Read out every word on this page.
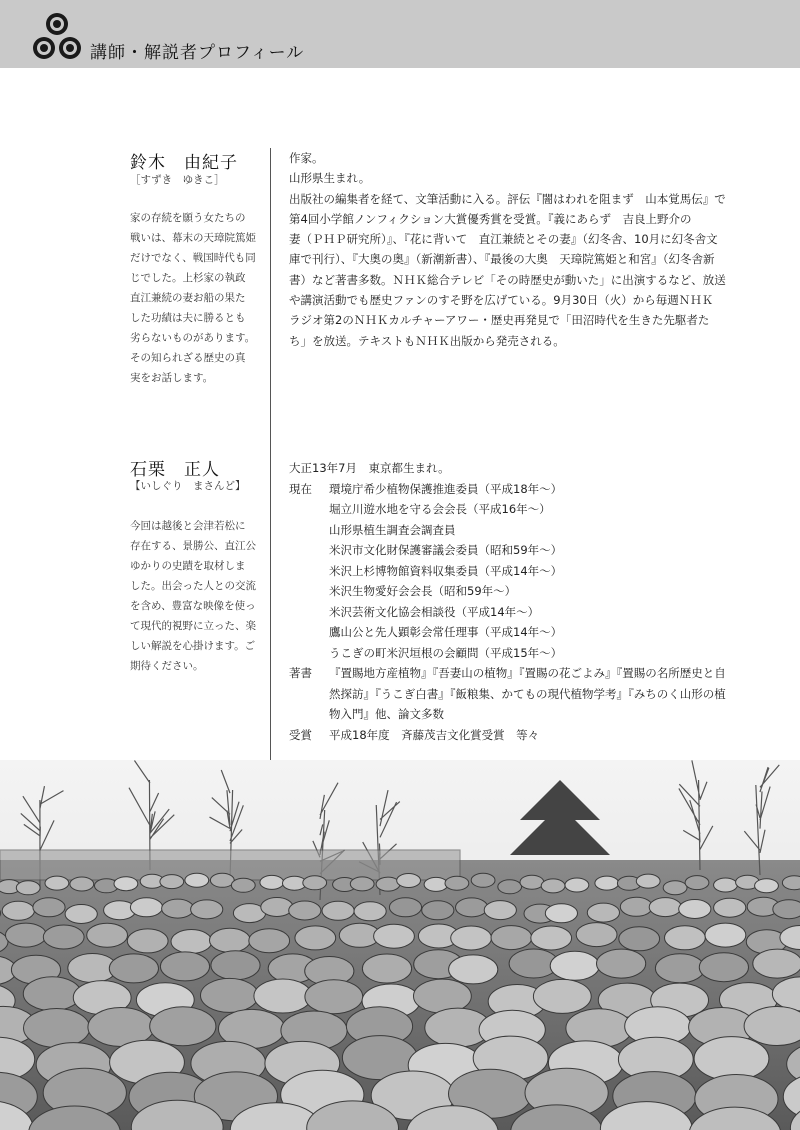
講師・解説者プロフィール
鈴木　由紀子
［すずき　ゆきこ］
家の存続を願う女たちの
戦いは、幕末の天璋院篤姫
だけでなく、戦国時代も同
じでした。上杉家の執政
直江兼続の妻お船の果た
した功績は夫に勝るとも
劣らないものがあります。
その知られざる歴史の真
実をお話します。
作家。
山形県生まれ。
出版社の編集者を経て、文筆活動に入る。評伝『闇はわれを阻まず　山本覚馬伝』で
第4回小学館ノンフィクション大賞優秀賞を受賞。『義にあらず　吉良上野介の
妻（ＰＨＰ研究所）』、『花に背いて　直江兼続とその妻』（幻冬舎、10月に幻冬舎文
庫で刊行）、『大奥の奥』（新潮新書）、『最後の大奥　天璋院篤姫と和宮』（幻冬舎新
書）など著書多数。ＮＨＫ総合テレビ「その時歴史が動いた」に出演するなど、放送
や講演活動でも歴史ファンのすそ野を広げている。9月30日（火）から毎週ＮＨＫ
ラジオ第2のＮＨＫカルチャーアワー・歴史再発見で「田沼時代を生きた先駆者た
ち」を放送。テキストもＮＨＫ出版から発売される。
石栗　正人
【いしぐり　まさんど】
今回は越後と会津若松に
存在する、景勝公、直江公
ゆかりの史蹟を取材しま
した。出会った人との交流
を含め、豊富な映像を使っ
て現代的視野に立った、楽
しい解説を心掛けます。ご
期待ください。
大正13年7月　東京都生まれ。
現在	環境庁希少植物保護推進委員（平成18年～）
堀立川遊水地を守る会会長（平成16年～）
山形県植生調査会調査員
米沢市文化財保護審議会委員（昭和59年～）
米沢上杉博物館資料収集委員（平成14年～）
米沢生物愛好会会長（昭和59年～）
米沢芸術文化協会相談役（平成14年～）
鷹山公と先人顕彰会常任理事（平成14年～）
うこぎの町米沢垣根の会顧問（平成15年～）
著書	『置賜地方産植物』『吾妻山の植物』『置賜の花ごよみ』『置賜の名所歴史と自
然探訪』『うこぎ白書』『飯粮集、かてもの現代植物学考』『みちのく山形の植
物入門』他、論文多数
受賞	平成18年度　斉藤茂吉文化賞受賞　等々
